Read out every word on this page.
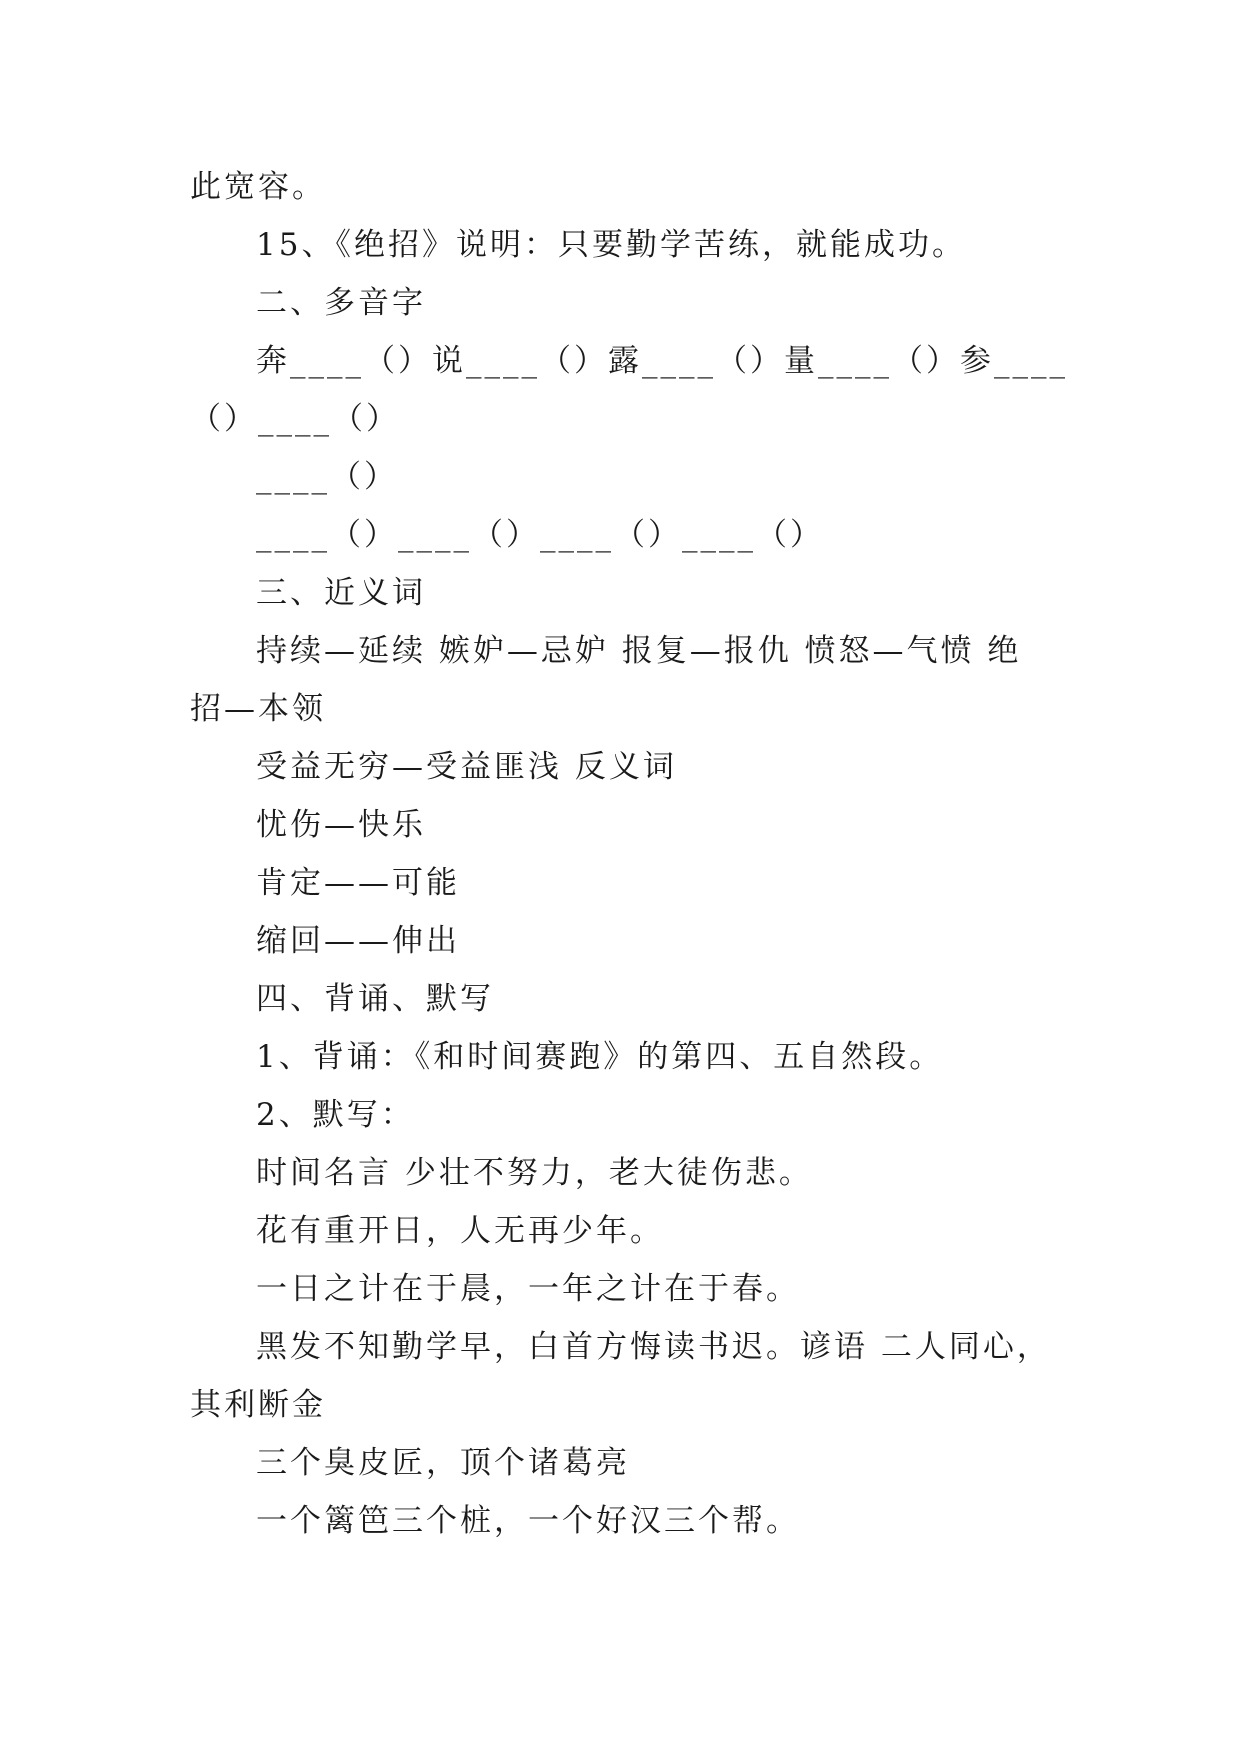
此宽容。
15、《绝招》说明：只要勤学苦练，就能成功。
二、多音字
奔____（）说____（）露____（）量____（）参____
（）____（）
____（）
____（）____（）____（）____（）
三、近义词
持续—延续 嫉妒—忌妒 报复—报仇 愤怒—气愤 绝
招—本领
受益无穷—受益匪浅 反义词
忧伤—快乐
肯定——可能
缩回——伸出
四、背诵、默写
1、背诵：《和时间赛跑》的第四、五自然段。
2、默写：
时间名言 少壮不努力，老大徒伤悲。
花有重开日，人无再少年。
一日之计在于晨，一年之计在于春。
黑发不知勤学早，白首方悔读书迟。谚语 二人同心，
其利断金
三个臭皮匠，顶个诸葛亮
一个篱笆三个桩，一个好汉三个帮。
